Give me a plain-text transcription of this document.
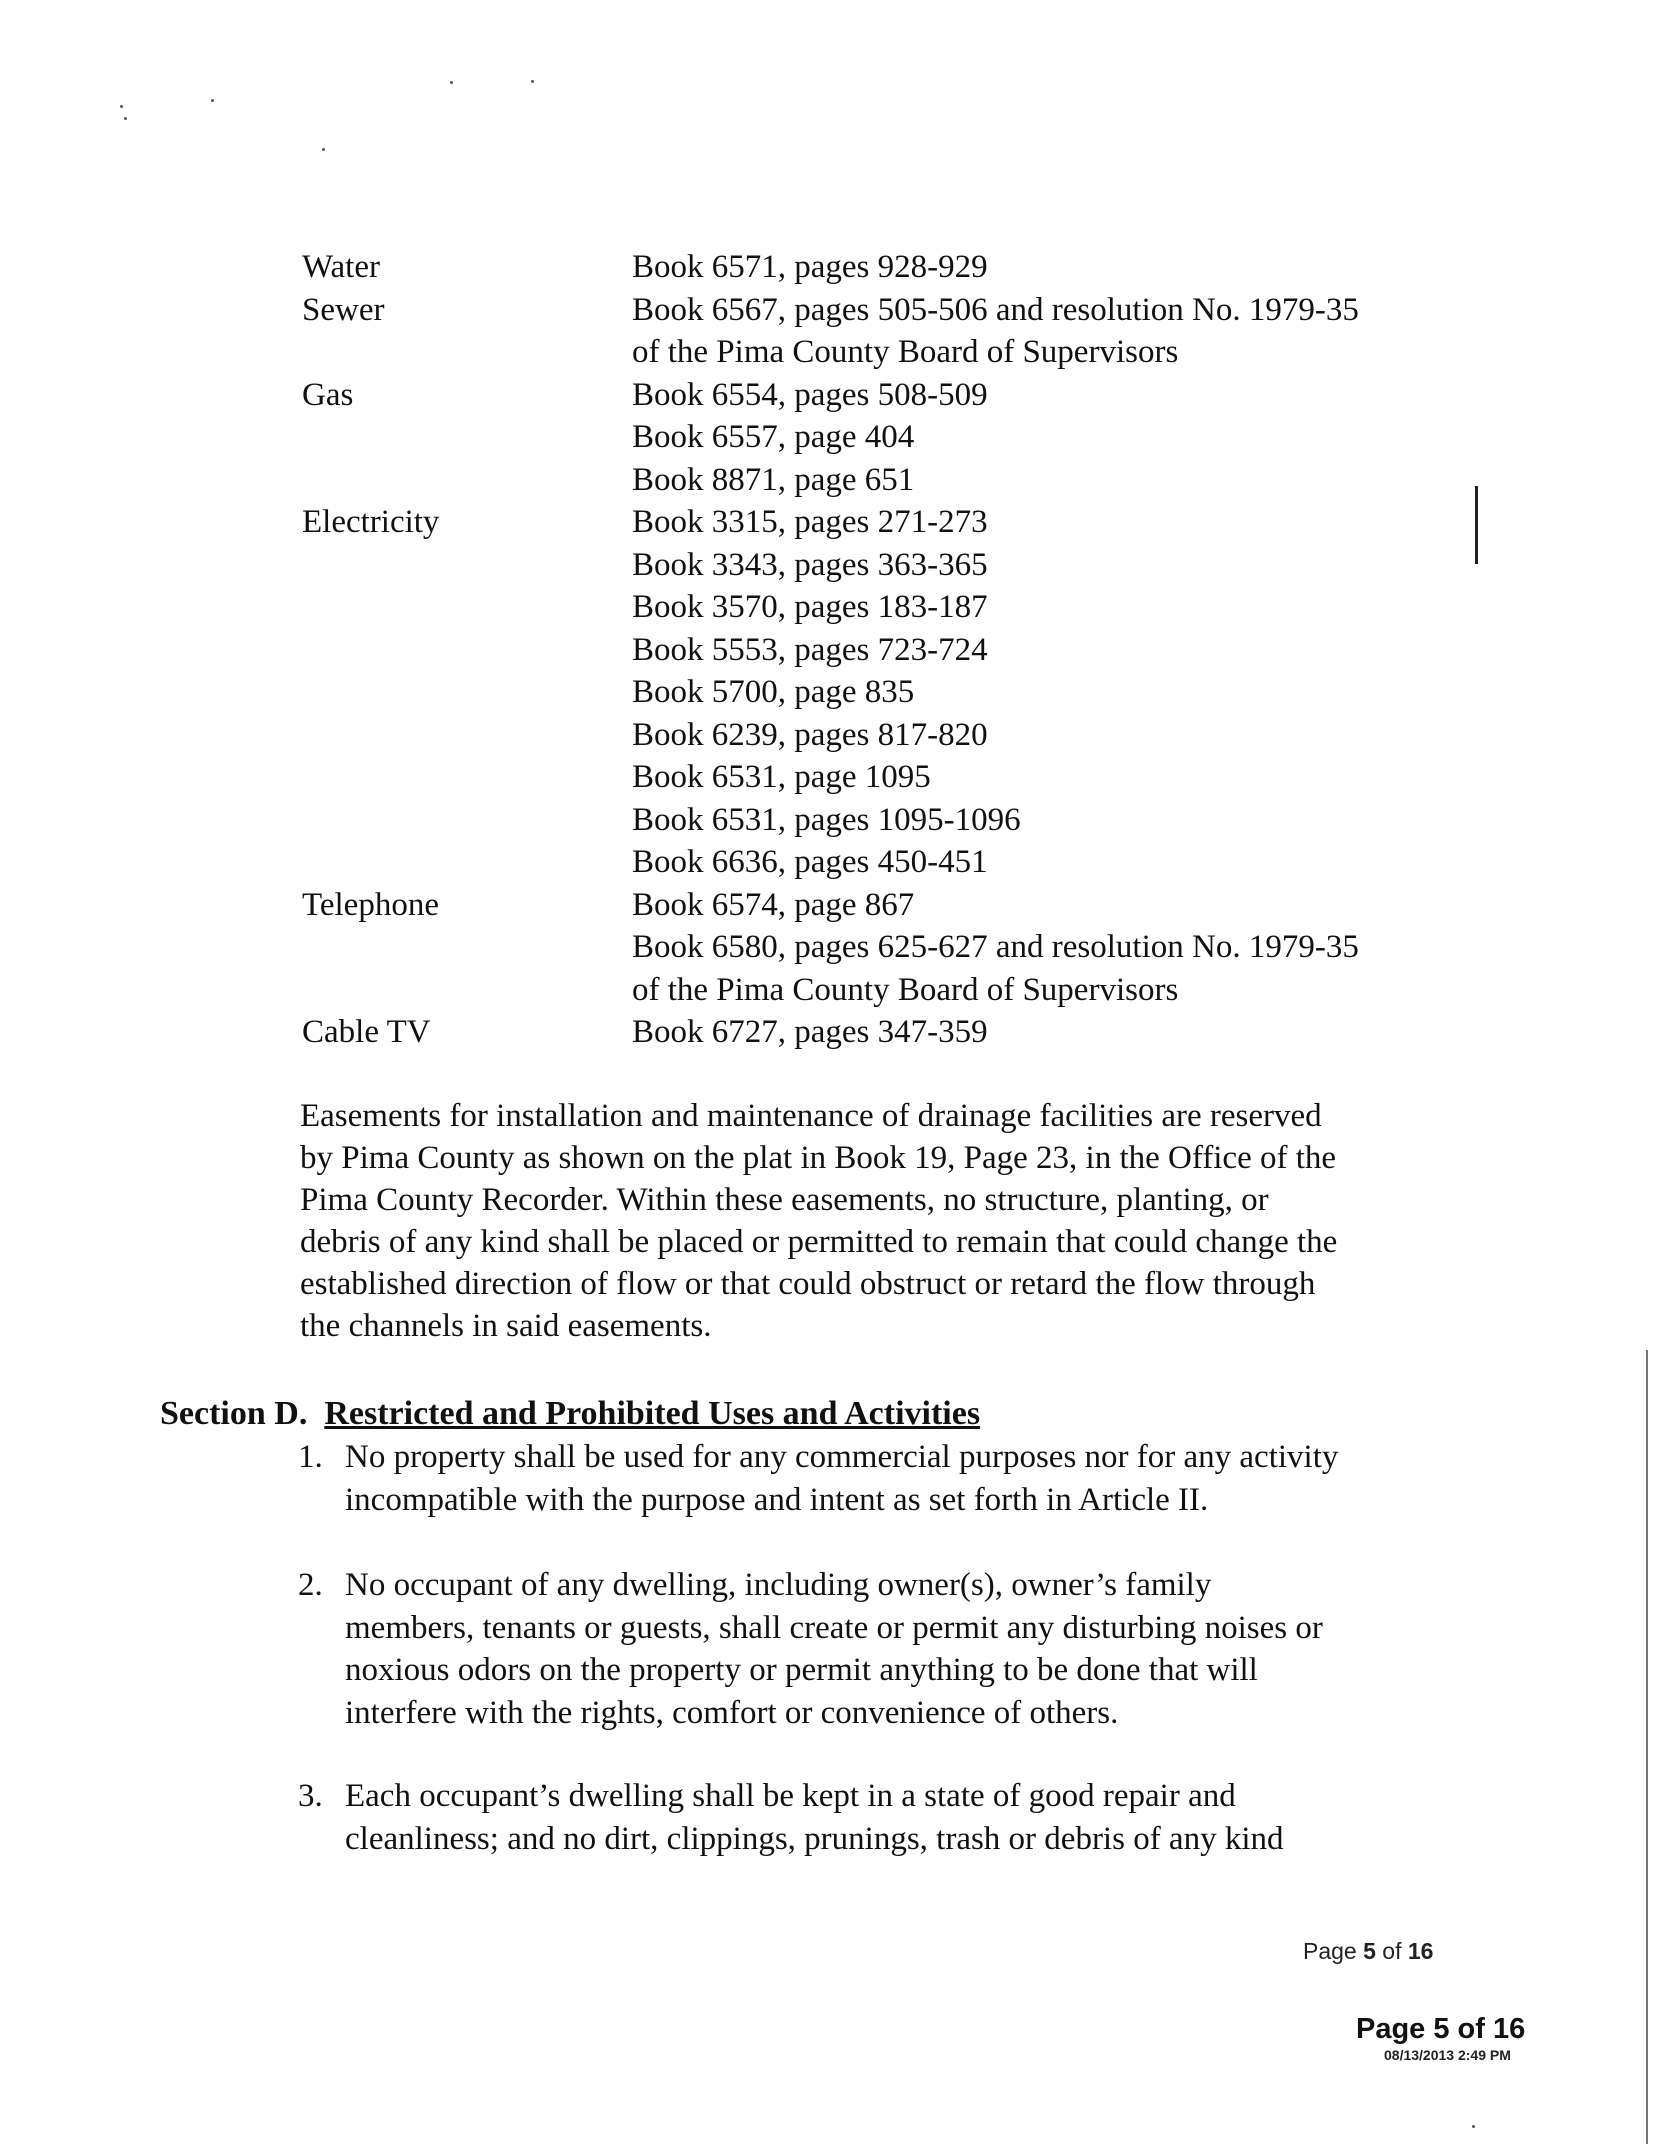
Water	Book 6571, pages 928-929
Sewer	Book 6567, pages 505-506 and resolution No. 1979-35
of the Pima County Board of Supervisors
Gas	Book 6554, pages 508-509
Book 6557, page 404
Book 8871, page 651
Electricity	Book 3315, pages 271-273
Book 3343, pages 363-365
Book 3570, pages 183-187
Book 5553, pages 723-724
Book 5700, page 835
Book 6239, pages 817-820
Book 6531, page 1095
Book 6531, pages 1095-1096
Book 6636, pages 450-451
Telephone	Book 6574, page 867
Book 6580, pages 625-627 and resolution No. 1979-35
of the Pima County Board of Supervisors
Cable TV	Book 6727, pages 347-359

Easements for installation and maintenance of drainage facilities are reserved
by Pima County as shown on the plat in Book 19, Page 23, in the Office of the
Pima County Recorder. Within these easements, no structure, planting, or
debris of any kind shall be placed or permitted to remain that could change the
established direction of flow or that could obstruct or retard the flow through
the channels in said easements.

Section D. Restricted and Prohibited Uses and Activities
1. No property shall be used for any commercial purposes nor for any activity
incompatible with the purpose and intent as set forth in Article II.
2. No occupant of any dwelling, including owner(s), owner’s family
members, tenants or guests, shall create or permit any disturbing noises or
noxious odors on the property or permit anything to be done that will
interfere with the rights, comfort or convenience of others.
3. Each occupant’s dwelling shall be kept in a state of good repair and
cleanliness; and no dirt, clippings, prunings, trash or debris of any kind
Page 5 of 16
Page 5 of 16
08/13/2013 2:49 PM
